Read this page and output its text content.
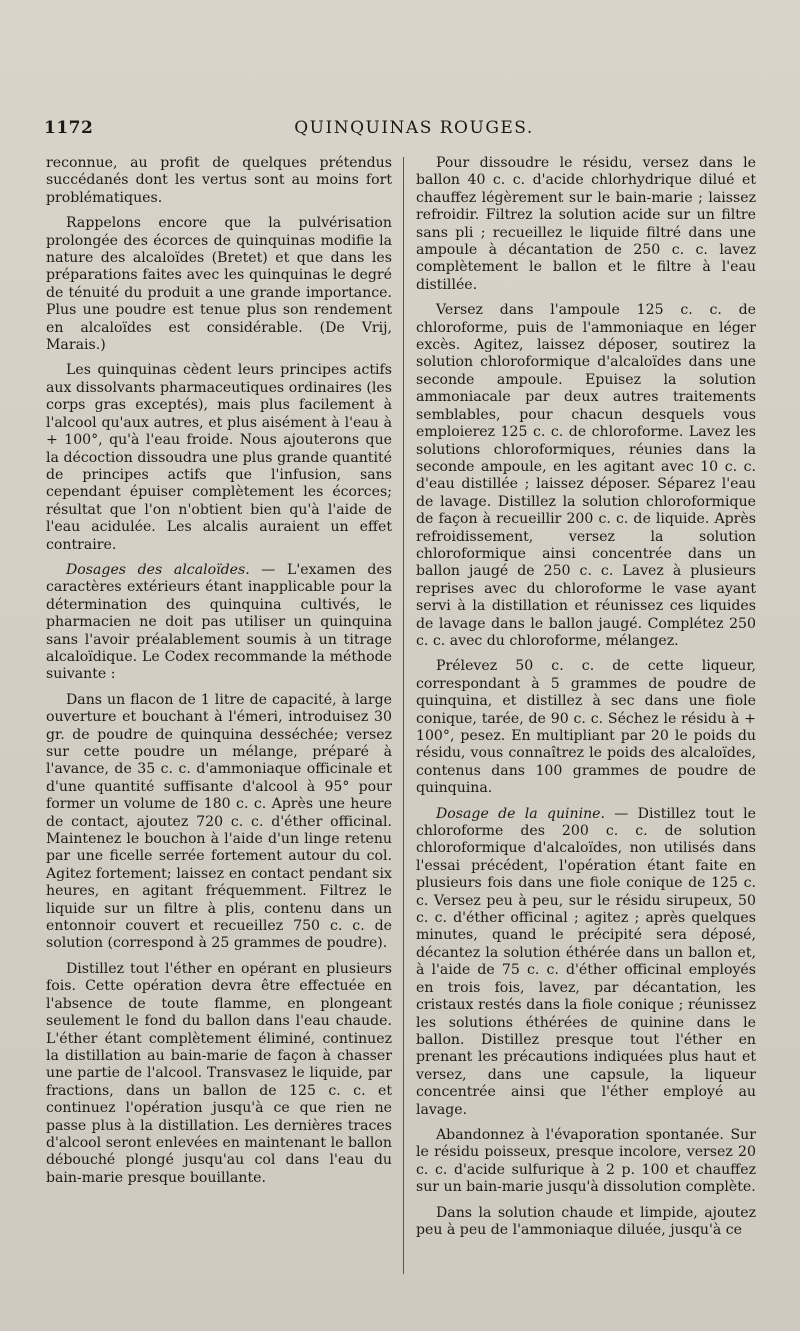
1172	QUINQUINAS ROUGES.

reconnue, au profit de quelques prétendus succédanés dont les vertus sont au moins fort problématiques.

Rappelons encore que la pulvérisation prolongée des écorces de quinquinas modifie la nature des alcaloïdes (Bretet) et que dans les préparations faites avec les quinquinas le degré de ténuité du produit a une grande importance. Plus une poudre est tenue plus son rendement en alcaloïdes est considérable. (De Vrij, Marais.)

Les quinquinas cèdent leurs principes actifs aux dissolvants pharmaceutiques ordinaires (les corps gras exceptés), mais plus facilement à l'alcool qu'aux autres, et plus aisément à l'eau à + 100°, qu'à l'eau froide. Nous ajouterons que la décoction dissoudra une plus grande quantité de principes actifs que l'infusion, sans cependant épuiser complètement les écorces; résultat que l'on n'obtient bien qu'à l'aide de l'eau acidulée. Les alcalis auraient un effet contraire.

Dosages des alcaloïdes. — L'examen des caractères extérieurs étant inapplicable pour la détermination des quinquina cultivés, le pharmacien ne doit pas utiliser un quinquina sans l'avoir préalablement soumis à un titrage alcaloïdique. Le Codex recommande la méthode suivante :

Dans un flacon de 1 litre de capacité, à large ouverture et bouchant à l'émeri, introduisez 30 gr. de poudre de quinquina desséchée; versez sur cette poudre un mélange, préparé à l'avance, de 35 c. c. d'ammoniaque officinale et d'une quantité suffisante d'alcool à 95° pour former un volume de 180 c. c. Après une heure de contact, ajoutez 720 c. c. d'éther officinal. Maintenez le bouchon à l'aide d'un linge retenu par une ficelle serrée fortement autour du col. Agitez fortement; laissez en contact pendant six heures, en agitant fréquemment. Filtrez le liquide sur un filtre à plis, contenu dans un entonnoir couvert et recueillez 750 c. c. de solution (correspond à 25 grammes de poudre).

Distillez tout l'éther en opérant en plusieurs fois. Cette opération devra être effectuée en l'absence de toute flamme, en plongeant seulement le fond du ballon dans l'eau chaude. L'éther étant complètement éliminé, continuez la distillation au bain-marie de façon à chasser une partie de l'alcool. Transvasez le liquide, par fractions, dans un ballon de 125 c. c. et continuez l'opération jusqu'à ce que rien ne passe plus à la distillation. Les dernières traces d'alcool seront enlevées en maintenant le ballon débouché plongé jusqu'au col dans l'eau du bain-marie presque bouillante.

Pour dissoudre le résidu, versez dans le ballon 40 c. c. d'acide chlorhydrique dilué et chauffez légèrement sur le bain-marie ; laissez refroidir. Filtrez la solution acide sur un filtre sans pli ; recueillez le liquide filtré dans une ampoule à décantation de 250 c. c. lavez complètement le ballon et le filtre à l'eau distillée.

Versez dans l'ampoule 125 c. c. de chloroforme, puis de l'ammoniaque en léger excès. Agitez, laissez déposer, soutirez la solution chloroformique d'alcaloïdes dans une seconde ampoule. Epuisez la solution ammoniacale par deux autres traitements semblables, pour chacun desquels vous emploierez 125 c. c. de chloroforme. Lavez les solutions chloroformiques, réunies dans la seconde ampoule, en les agitant avec 10 c. c. d'eau distillée ; laissez déposer. Séparez l'eau de lavage. Distillez la solution chloroformique de façon à recueillir 200 c. c. de liquide. Après refroidissement, versez la solution chloroformique ainsi concentrée dans un ballon jaugé de 250 c. c. Lavez à plusieurs reprises avec du chloroforme le vase ayant servi à la distillation et réunissez ces liquides de lavage dans le ballon jaugé. Complétez 250 c. c. avec du chloroforme, mélangez.

Prélevez 50 c. c. de cette liqueur, correspondant à 5 grammes de poudre de quinquina, et distillez à sec dans une fiole conique, tarée, de 90 c. c. Séchez le résidu à + 100°, pesez. En multipliant par 20 le poids du résidu, vous connaîtrez le poids des alcaloïdes, contenus dans 100 grammes de poudre de quinquina.

Dosage de la quinine. — Distillez tout le chloroforme des 200 c. c. de solution chloroformique d'alcaloïdes, non utilisés dans l'essai précédent, l'opération étant faite en plusieurs fois dans une fiole conique de 125 c. c. Versez peu à peu, sur le résidu sirupeux, 50 c. c. d'éther officinal ; agitez ; après quelques minutes, quand le précipité sera déposé, décantez la solution éthérée dans un ballon et, à l'aide de 75 c. c. d'éther officinal employés en trois fois, lavez, par décantation, les cristaux restés dans la fiole conique ; réunissez les solutions éthérées de quinine dans le ballon. Distillez presque tout l'éther en prenant les précautions indiquées plus haut et versez, dans une capsule, la liqueur concentrée ainsi que l'éther employé au lavage.

Abandonnez à l'évaporation spontanée. Sur le résidu poisseux, presque incolore, versez 20 c. c. d'acide sulfurique à 2 p. 100 et chauffez sur un bain-marie jusqu'à dissolution complète.

Dans la solution chaude et limpide, ajoutez peu à peu de l'ammoniaque diluée, jusqu'à ce
